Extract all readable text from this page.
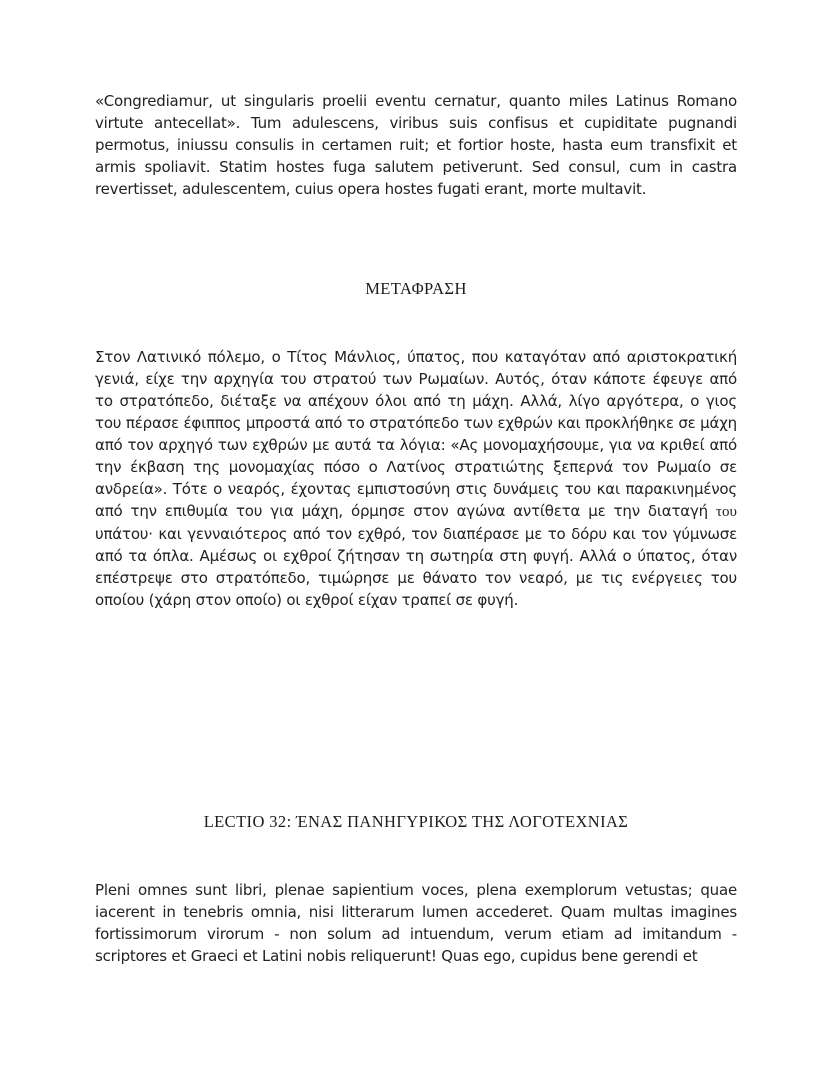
«Congrediamur, ut singularis proelii eventu cernatur, quanto miles Latinus Romano virtute antecellat». Tum adulescens, viribus suis confisus et cupiditate pugnandi permotus, iniussu consulis in certamen ruit; et fortior hoste, hasta eum transfixit et armis spoliavit. Statim hostes fuga salutem petiverunt. Sed consul, cum in castra revertisset, adulescentem, cuius opera hostes fugati erant, morte multavit.

ΜΕΤΑΦΡΑΣΗ

Στον Λατινικό πόλεμο, ο Τίτος Μάνλιος, ύπατος, που καταγόταν από αριστοκρατική γενιά, είχε την αρχηγία του στρατού των Ρωμαίων. Αυτός, όταν κάποτε έφευγε από το στρατόπεδο, διέταξε να απέχουν όλοι από τη μάχη. Αλλά, λίγο αργότερα, ο γιος του πέρασε έφιππος μπροστά από το στρατόπεδο των εχθρών και προκλήθηκε σε μάχη από τον αρχηγό των εχθρών με αυτά τα λόγια: «Ας μονομαχήσουμε, για να κριθεί από την έκβαση της μονομαχίας πόσο ο Λατίνος στρατιώτης ξεπερνά τον Ρωμαίο σε ανδρεία». Τότε ο νεαρός, έχοντας εμπιστοσύνη στις δυνάμεις του και παρακινημένος από την επιθυμία του για μάχη, όρμησε στον αγώνα αντίθετα με την διαταγή του υπάτου· και γενναιότερος από τον εχθρό, τον διαπέρασε με το δόρυ και τον γύμνωσε από τα όπλα. Αμέσως οι εχθροί ζήτησαν τη σωτηρία στη φυγή. Αλλά ο ύπατος, όταν επέστρεψε στο στρατόπεδο, τιμώρησε με θάνατο τον νεαρό, με τις ενέργειες του οποίου (χάρη στον οποίο) οι εχθροί είχαν τραπεί σε φυγή.

LECTIO 32: ΈΝΑΣ ΠΑΝΗΓΥΡΙΚΟΣ ΤΗΣ ΛΟΓΟΤΕΧΝΙΑΣ

Pleni omnes sunt libri, plenae sapientium voces, plena exemplorum vetustas; quae iacerent in tenebris omnia, nisi litterarum lumen accederet. Quam multas imagines fortissimorum virorum - non solum ad intuendum, verum etiam ad imitandum - scriptores et Graeci et Latini nobis reliquerunt! Quas ego, cupidus bene gerendi et
